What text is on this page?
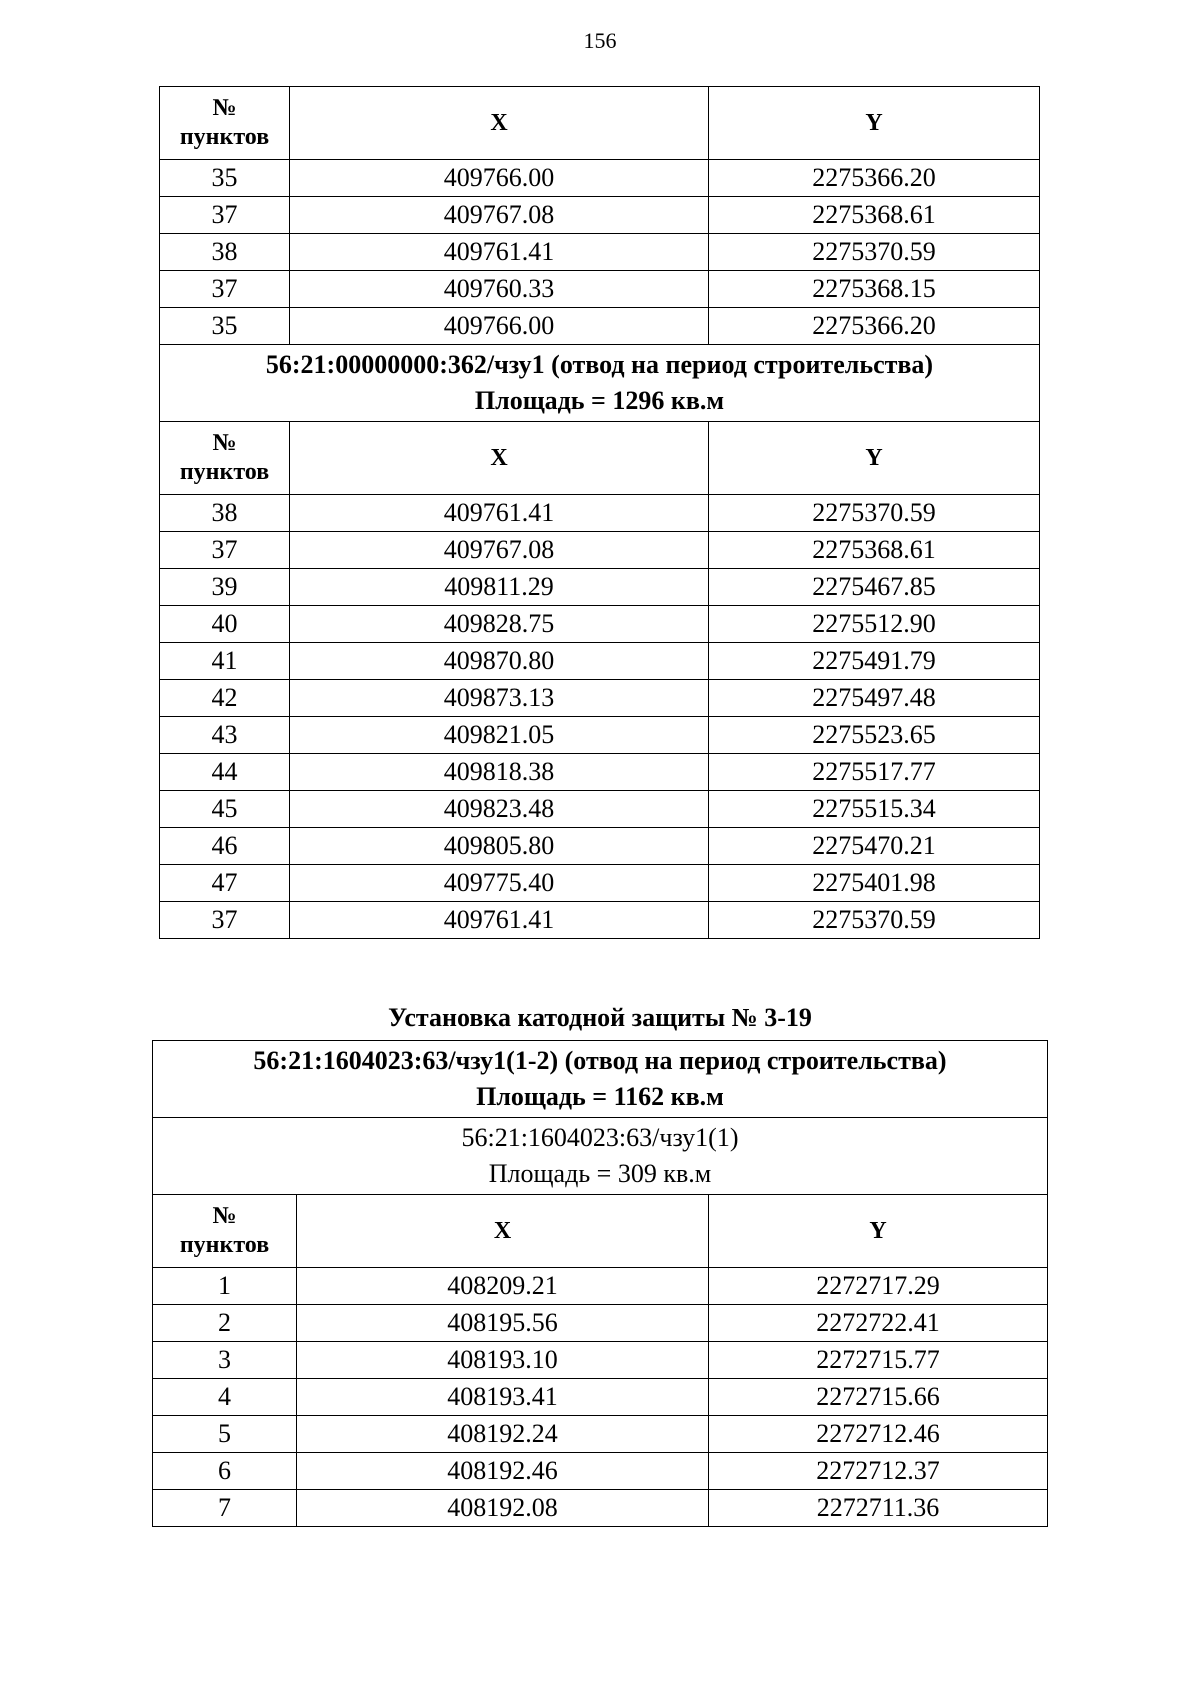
156
№
пунктов	X	Y
35	409766.00	2275366.20
37	409767.08	2275368.61
38	409761.41	2275370.59
37	409760.33	2275368.15
35	409766.00	2275366.20
56:21:00000000:362/чзу1 (отвод на период строительства)
Площадь = 1296 кв.м		
№
пунктов	X	Y
38	409761.41	2275370.59
37	409767.08	2275368.61
39	409811.29	2275467.85
40	409828.75	2275512.90
41	409870.80	2275491.79
42	409873.13	2275497.48
43	409821.05	2275523.65
44	409818.38	2275517.77
45	409823.48	2275515.34
46	409805.80	2275470.21
47	409775.40	2275401.98
37	409761.41	2275370.59
Установка катодной защиты № 3-19
56:21:1604023:63/чзу1(1-2) (отвод на период строительства)
Площадь = 1162 кв.м		
56:21:1604023:63/чзу1(1)
Площадь = 309 кв.м		
№
пунктов	X	Y
1	408209.21	2272717.29
2	408195.56	2272722.41
3	408193.10	2272715.77
4	408193.41	2272715.66
5	408192.24	2272712.46
6	408192.46	2272712.37
7	408192.08	2272711.36
